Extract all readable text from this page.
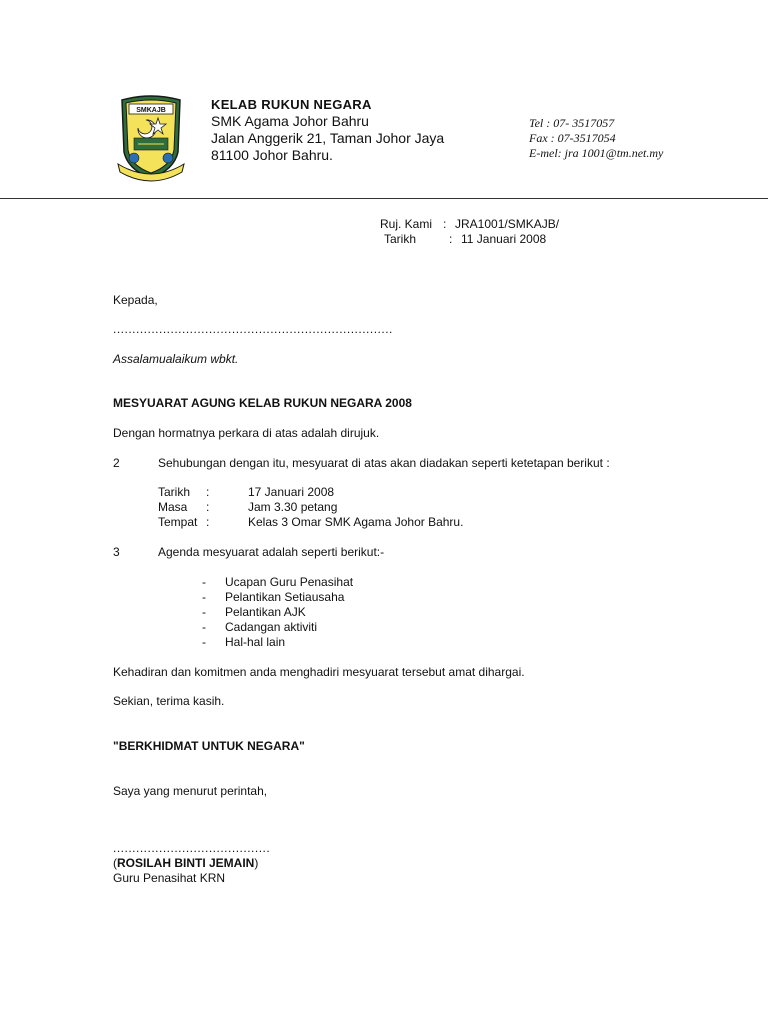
SMKAJB	KELAB RUKUN NEGARA
SMK Agama Johor Bahru
Jalan Anggerik 21, Taman Johor Jaya
81100 Johor Bahru.
Tel : 07- 3517057
Fax : 07-3517054
E-mel: jra 1001@tm.net.my
Ruj. Kami : JRA1001/SMKAJB/
Tarikh	: 11 Januari 2008
Kepada,
.........................................................................
Assalamualaikum wbkt.
MESYUARAT AGUNG KELAB RUKUN NEGARA 2008
Dengan hormatnya perkara di atas adalah dirujuk.
2	Sehubungan dengan itu, mesyuarat di atas akan diadakan seperti ketetapan berikut :
Tarikh :	17 Januari 2008
Masa :	Jam 3.30 petang
Tempat :	Kelas 3 Omar SMK Agama Johor Bahru.
3	Agenda mesyuarat adalah seperti berikut:-
- Ucapan Guru Penasihat
- Pelantikan Setiausaha
- Pelantikan AJK
- Cadangan aktiviti
- Hal-hal lain
Kehadiran dan komitmen anda menghadiri mesyuarat tersebut amat dihargai.
Sekian, terima kasih.
"BERKHIDMAT UNTUK NEGARA"
Saya yang menurut perintah,
.........................................
(ROSILAH BINTI JEMAIN)
Guru Penasihat KRN
